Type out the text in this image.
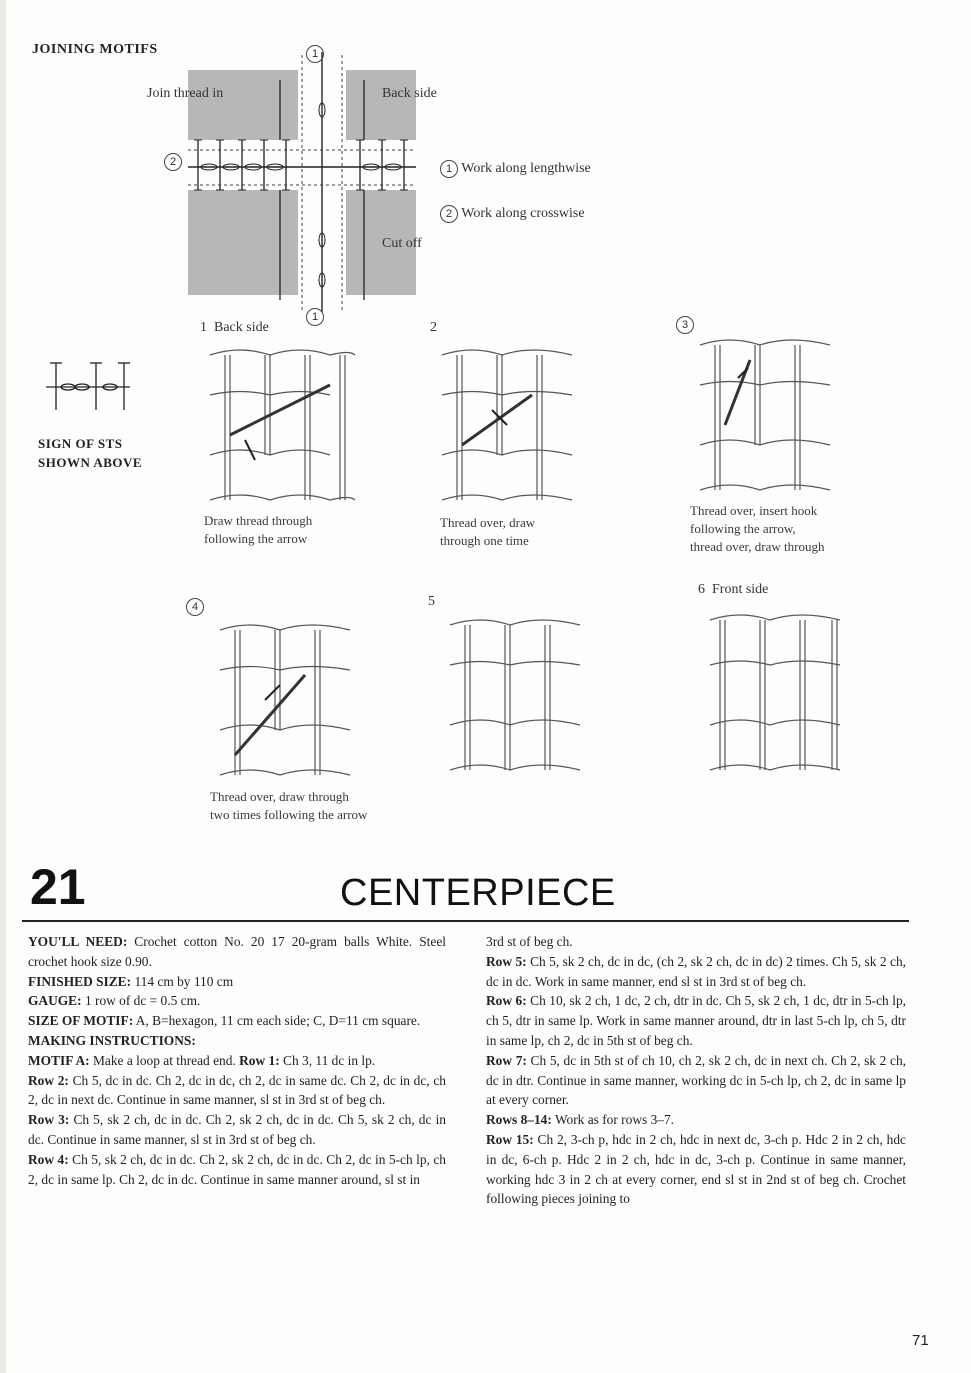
JOINING MOTIFS
Join thread in	Back side
Cut off
1
1
2
1 Work along lengthwise
2 Work along crosswise
SIGN OF STS
SHOWN ABOVE
1 Back side
Draw thread through
following the arrow
2
Thread over, draw
through one time
3
Thread over, insert hook
following the arrow,
thread over, draw through
4
Thread over, draw through
two times following the arrow
5
6 Front side
21	CENTERPIECE

YOU'LL NEED: Crochet cotton No. 20 17 20-gram balls White. Steel crochet hook size 0.90.

FINISHED SIZE: 114 cm by 110 cm

GAUGE: 1 row of dc = 0.5 cm.

SIZE OF MOTIF: A, B=hexagon, 11 cm each side; C, D=11 cm square.

MAKING INSTRUCTIONS:

MOTIF A: Make a loop at thread end. Row 1: Ch 3, 11 dc in lp.

Row 2: Ch 5, dc in dc. Ch 2, dc in dc, ch 2, dc in same dc. Ch 2, dc in dc, ch 2, dc in next dc. Continue in same manner, sl st in 3rd st of beg ch.

Row 3: Ch 5, sk 2 ch, dc in dc. Ch 2, sk 2 ch, dc in dc. Ch 5, sk 2 ch, dc in dc. Continue in same manner, sl st in 3rd st of beg ch.

Row 4: Ch 5, sk 2 ch, dc in dc. Ch 2, sk 2 ch, dc in dc. Ch 2, dc in 5-ch lp, ch 2, dc in same lp. Ch 2, dc in dc. Continue in same manner around, sl st in

3rd st of beg ch.

Row 5: Ch 5, sk 2 ch, dc in dc, (ch 2, sk 2 ch, dc in dc) 2 times. Ch 5, sk 2 ch, dc in dc. Work in same manner, end sl st in 3rd st of beg ch.

Row 6: Ch 10, sk 2 ch, 1 dc, 2 ch, dtr in dc. Ch 5, sk 2 ch, 1 dc, dtr in 5-ch lp, ch 5, dtr in same lp. Work in same manner around, dtr in last 5-ch lp, ch 5, dtr in same lp, ch 2, dc in 5th st of beg ch.

Row 7: Ch 5, dc in 5th st of ch 10, ch 2, sk 2 ch, dc in next ch. Ch 2, sk 2 ch, dc in dtr. Continue in same manner, working dc in 5-ch lp, ch 2, dc in same lp at every corner.

Rows 8–14: Work as for rows 3–7.

Row 15: Ch 2, 3-ch p, hdc in 2 ch, hdc in next dc, 3-ch p. Hdc 2 in 2 ch, hdc in dc, 6-ch p. Hdc 2 in 2 ch, hdc in dc, 3-ch p. Continue in same manner, working hdc 3 in 2 ch at every corner, end sl st in 2nd st of beg ch. Crochet following pieces joining to

71
